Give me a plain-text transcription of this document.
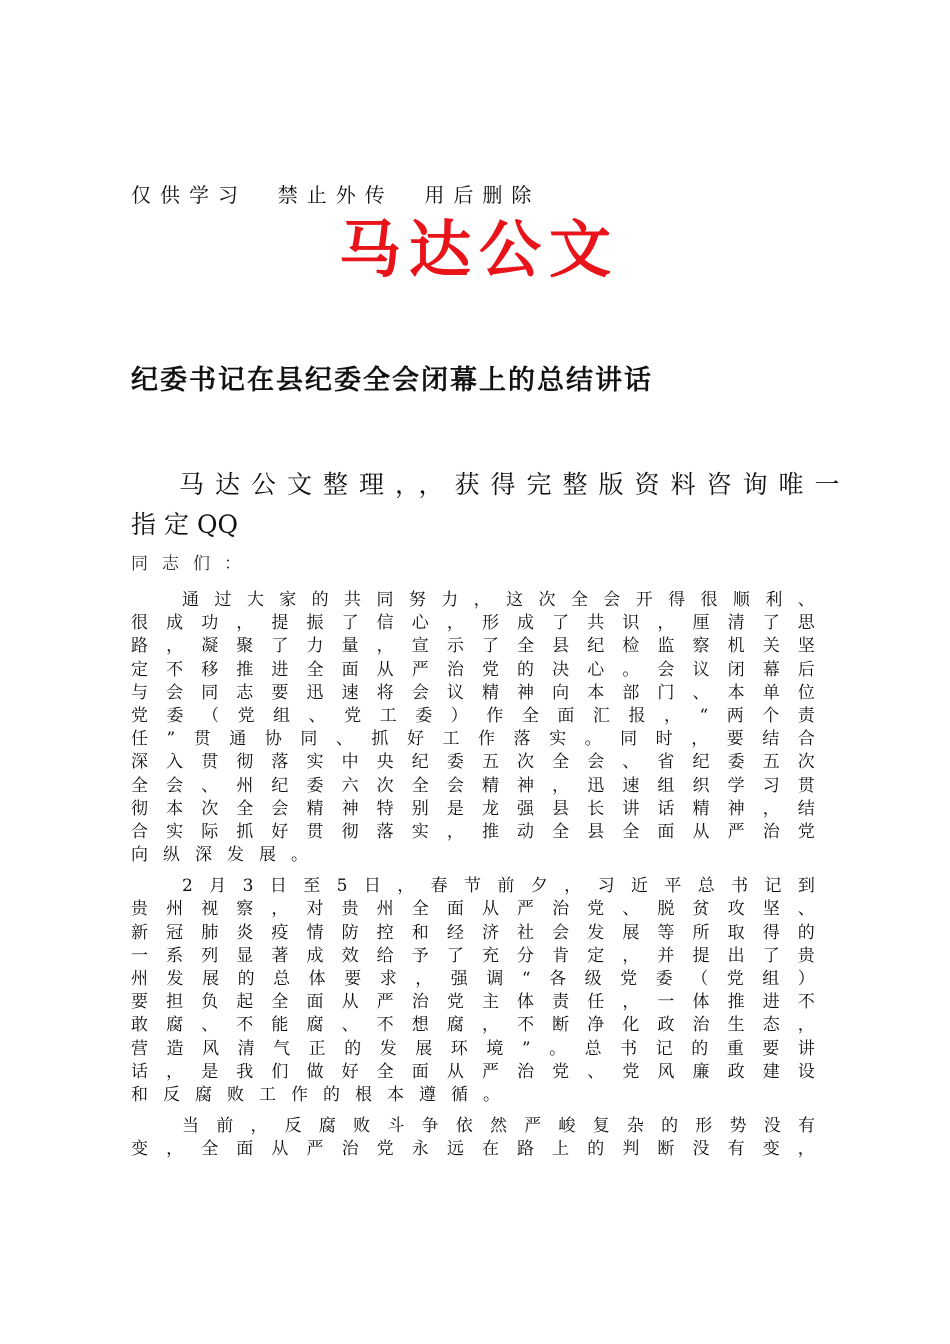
仅供学习  禁止外传  用后删除
马达公文
纪委书记在县纪委全会闭幕上的总结讲话
马达公文整理，，获得完整版资料咨询唯一
指定QQ
同志们：
通 过 大 家 的 共 同 努 力 ， 这 次 全 会 开 得 很 顺 利 、
很 成 功 ， 提 振 了 信 心 ， 形 成 了 共 识 ， 厘 清 了 思
路 ， 凝 聚 了 力 量 ， 宣 示 了 全 县 纪 检 监 察 机 关 坚
定 不 移 推 进 全 面 从 严 治 党 的 决 心 。 会 议 闭 幕 后
与 会 同 志 要 迅 速 将 会 议 精 神 向 本 部 门 、 本 单 位
党 委 （ 党 组 、 党 工 委 ） 作 全 面 汇 报 ， “ 两 个 责
任 ” 贯 通 协 同 、 抓 好 工 作 落 实 。 同 时 ， 要 结 合
深 入 贯 彻 落 实 中 央 纪 委 五 次 全 会 、 省 纪 委 五 次
全 会 、 州 纪 委 六 次 全 会 精 神 ， 迅 速 组 织 学 习 贯
彻 本 次 全 会 精 神 特 别 是 龙 强 县 长 讲 话 精 神 ， 结
合 实 际 抓 好 贯 彻 落 实 ， 推 动 全 县 全 面 从 严 治 党
向 纵 深 发 展 。
2 月 3 日 至 5 日 ， 春 节 前 夕 ， 习 近 平 总 书 记 到
贵 州 视 察 ， 对 贵 州 全 面 从 严 治 党 、 脱 贫 攻 坚 、
新 冠 肺 炎 疫 情 防 控 和 经 济 社 会 发 展 等 所 取 得 的
一 系 列 显 著 成 效 给 予 了 充 分 肯 定 ， 并 提 出 了 贵
州 发 展 的 总 体 要 求 ， 强 调 “ 各 级 党 委 （ 党 组 ）
要 担 负 起 全 面 从 严 治 党 主 体 责 任 ， 一 体 推 进 不
敢 腐 、 不 能 腐 、 不 想 腐 ， 不 断 净 化 政 治 生 态 ，
营 造 风 清 气 正 的 发 展 环 境 ” 。 总 书 记 的 重 要 讲
话 ， 是 我 们 做 好 全 面 从 严 治 党 、 党 风 廉 政 建 设
和 反 腐 败 工 作 的 根 本 遵 循 。
当 前 ， 反 腐 败 斗 争 依 然 严 峻 复 杂 的 形 势 没 有
变 ， 全 面 从 严 治 党 永 远 在 路 上 的 判 断 没 有 变 ，
